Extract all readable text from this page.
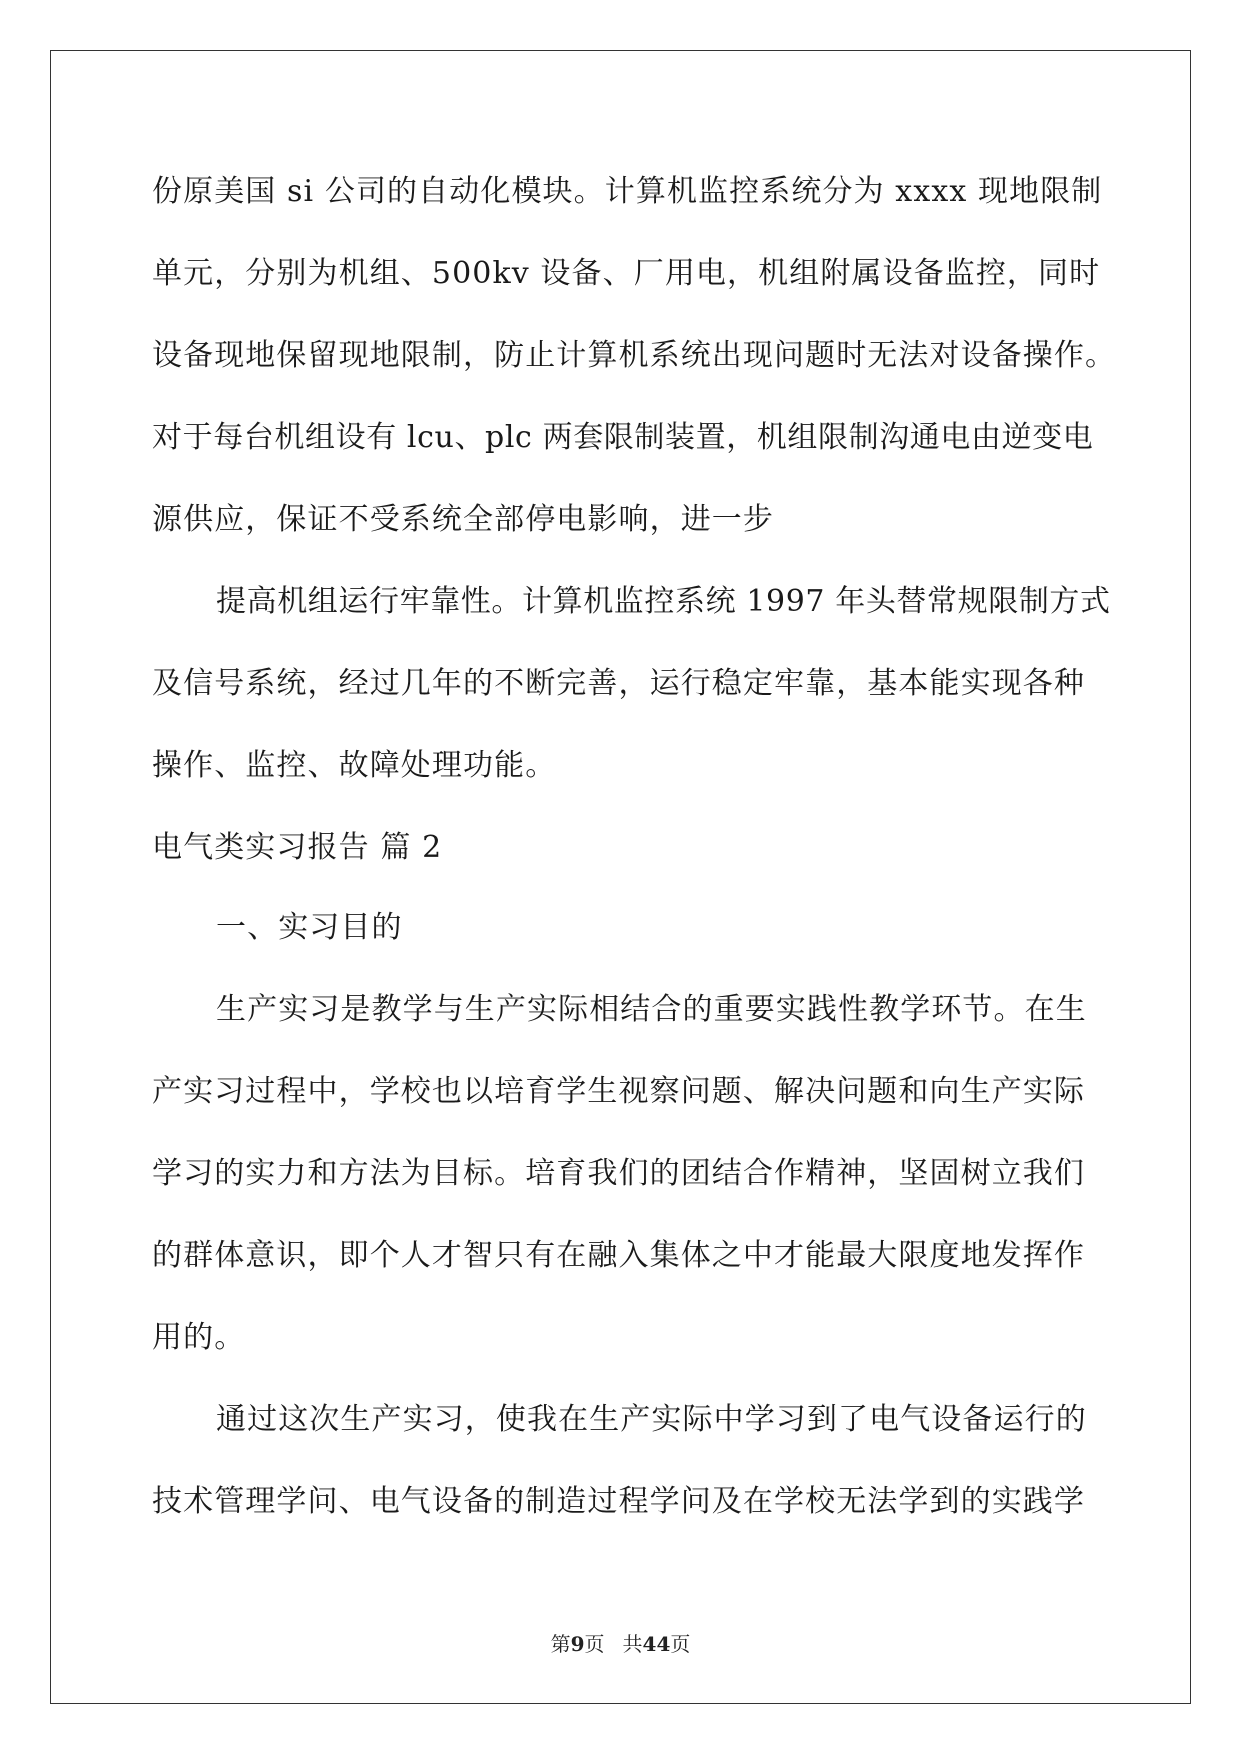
份原美国 si 公司的自动化模块。计算机监控系统分为 xxxx 现地限制
单元，分别为机组、500kv 设备、厂用电，机组附属设备监控，同时
设备现地保留现地限制，防止计算机系统出现问题时无法对设备操作。
对于每台机组设有 lcu、plc 两套限制装置，机组限制沟通电由逆变电
源供应，保证不受系统全部停电影响，进一步
提高机组运行牢靠性。计算机监控系统 1997 年头替常规限制方式
及信号系统，经过几年的不断完善，运行稳定牢靠，基本能实现各种
操作、监控、故障处理功能。
电气类实习报告 篇 2
一、实习目的
生产实习是教学与生产实际相结合的重要实践性教学环节。在生
产实习过程中，学校也以培育学生视察问题、解决问题和向生产实际
学习的实力和方法为目标。培育我们的团结合作精神，坚固树立我们
的群体意识，即个人才智只有在融入集体之中才能最大限度地发挥作
用的。
通过这次生产实习，使我在生产实际中学习到了电气设备运行的
技术管理学问、电气设备的制造过程学问及在学校无法学到的实践学
第9页 共44页
